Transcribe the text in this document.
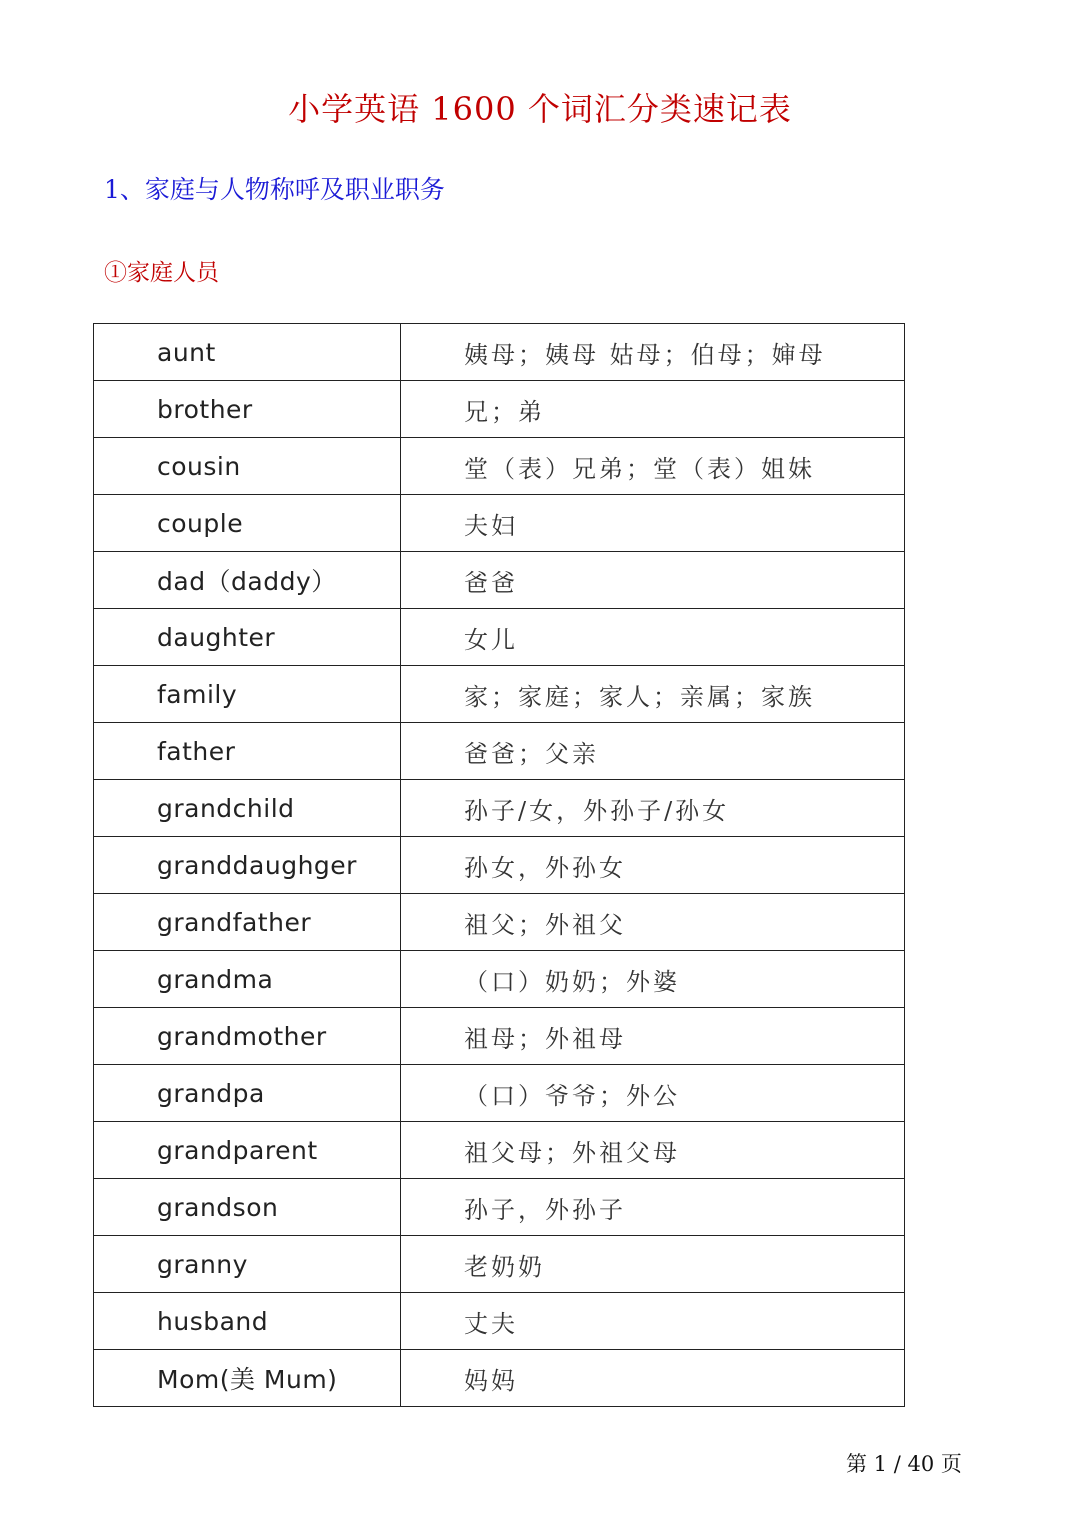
小学英语 1600 个词汇分类速记表
1、家庭与人物称呼及职业职务
①家庭人员
aunt	姨母；姨母 姑母；伯母；婶母
brother	兄；弟
cousin	堂（表）兄弟；堂（表）姐妹
couple	夫妇
dad（daddy）	爸爸
daughter	女儿
family	家；家庭；家人；亲属；家族
father	爸爸；父亲
grandchild	孙子/女，外孙子/孙女
granddaughger	孙女，外孙女
grandfather	祖父；外祖父
grandma	（口）奶奶；外婆
grandmother	祖母；外祖母
grandpa	（口）爷爷；外公
grandparent	祖父母；外祖父母
grandson	孙子，外孙子
granny	老奶奶
husband	丈夫
Mom(美 Mum)	妈妈
第 1 / 40 页
